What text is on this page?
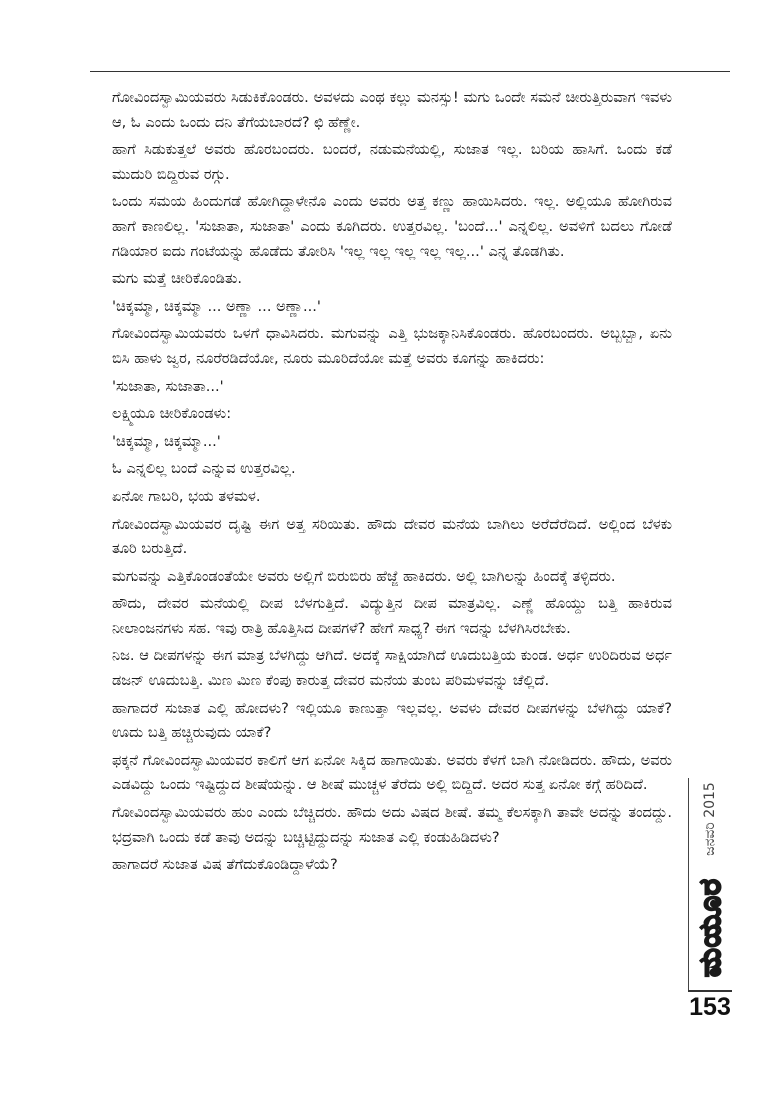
ಗೋವಿಂದಸ್ವಾಮಿಯವರು ಸಿಡುಕಿಕೊಂಡರು. ಅವಳದು ಎಂಥ ಕಲ್ಲು ಮನಸ್ಸು! ಮಗು ಒಂದೇ ಸಮನೆ ಚೀರುತ್ತಿರುವಾಗ ಇವಳು ಆ, ಓ ಎಂದು ಒಂದು ದನಿ ತೆಗೆಯಬಾರದೆ? ಛಿ ಹೆಣ್ಣೇ.

ಹಾಗೆ ಸಿಡುಕುತ್ತಲೆ ಅವರು ಹೊರಬಂದರು. ಬಂದರೆ, ನಡುಮನೆಯಲ್ಲಿ, ಸುಜಾತ ಇಲ್ಲ. ಬರಿಯ ಹಾಸಿಗೆ. ಒಂದು ಕಡೆ ಮುದುರಿ ಬಿದ್ದಿರುವ ರಗ್ಗು.

ಒಂದು ಸಮಯ ಹಿಂದುಗಡೆ ಹೋಗಿದ್ದಾಳೇನೊ ಎಂದು ಅವರು ಅತ್ತ ಕಣ್ಣು ಹಾಯಿಸಿದರು. ಇಲ್ಲ. ಅಲ್ಲಿಯೂ ಹೋಗಿರುವ ಹಾಗೆ ಕಾಣಲಿಲ್ಲ. 'ಸುಜಾತಾ, ಸುಜಾತಾ' ಎಂದು ಕೂಗಿದರು. ಉತ್ತರವಿಲ್ಲ. 'ಬಂದೆ...' ಎನ್ನಲಿಲ್ಲ. ಅವಳಿಗೆ ಬದಲು ಗೋಡೆ ಗಡಿಯಾರ ಐದು ಗಂಟೆಯನ್ನು ಹೊಡೆದು ತೋರಿಸಿ 'ಇಲ್ಲ ಇಲ್ಲ ಇಲ್ಲ ಇಲ್ಲ ಇಲ್ಲ...' ಎನ್ನ ತೊಡಗಿತು.

ಮಗು ಮತ್ತೆ ಚೀರಿಕೊಂಡಿತು.

'ಚಿಕ್ಕಮ್ಮಾ, ಚಿಕ್ಕಮ್ಮಾ ... ಅಣ್ಣಾ ... ಅಣ್ಣಾ...'

ಗೋವಿಂದಸ್ವಾಮಿಯವರು ಒಳಗೆ ಧಾವಿಸಿದರು. ಮಗುವನ್ನು ಎತ್ತಿ ಭುಜಕ್ಕಾನಿಸಿಕೊಂಡರು. ಹೊರಬಂದರು. ಅಬ್ಬಬ್ಬಾ, ಏನು ಬಿಸಿ ಹಾಳು ಜ್ವರ, ನೂರೆರಡಿದೆಯೋ, ನೂರು ಮೂರಿದೆಯೋ ಮತ್ತೆ ಅವರು ಕೂಗನ್ನು ಹಾಕಿದರು:

'ಸುಜಾತಾ, ಸುಜಾತಾ...'

ಲಕ್ಷ್ಮಿಯೂ ಚೀರಿಕೊಂಡಳು:

'ಚಿಕ್ಕಮ್ಮಾ, ಚಿಕ್ಕಮ್ಮಾ...'

ಓ ಎನ್ನಲಿಲ್ಲ ಬಂದೆ ಎನ್ನುವ ಉತ್ತರವಿಲ್ಲ.

ಏನೋ ಗಾಬರಿ, ಭಯ ತಳಮಳ.

ಗೋವಿಂದಸ್ವಾಮಿಯವರ ದೃಷ್ಟಿ ಈಗ ಅತ್ತ ಸರಿಯಿತು. ಹೌದು ದೇವರ ಮನೆಯ ಬಾಗಿಲು ಅರೆದೆರೆದಿದೆ. ಅಲ್ಲಿಂದ ಬೆಳಕು ತೂರಿ ಬರುತ್ತಿದೆ.

ಮಗುವನ್ನು ಎತ್ತಿಕೊಂಡಂತೆಯೇ ಅವರು ಅಲ್ಲಿಗೆ ಬಿರುಬಿರು ಹೆಜ್ಜೆ ಹಾಕಿದರು. ಅಲ್ಲಿ ಬಾಗಿಲನ್ನು ಹಿಂದಕ್ಕೆ ತಳ್ಳಿದರು.

ಹೌದು, ದೇವರ ಮನೆಯಲ್ಲಿ ದೀಪ ಬೆಳಗುತ್ತಿದೆ. ವಿದ್ಯುತ್ತಿನ ದೀಪ ಮಾತ್ರವಿಲ್ಲ. ಎಣ್ಣೆ ಹೊಯ್ದು ಬತ್ತಿ ಹಾಕಿರುವ ನೀಲಾಂಜನಗಳು ಸಹ. ಇವು ರಾತ್ರಿ ಹೊತ್ತಿಸಿದ ದೀಪಗಳೆ? ಹೇಗೆ ಸಾಧ್ಯ? ಈಗ ಇದನ್ನು ಬೆಳಗಿಸಿರಬೇಕು.

ನಿಜ. ಆ ದೀಪಗಳನ್ನು ಈಗ ಮಾತ್ರ ಬೆಳಗಿದ್ದು ಆಗಿದೆ. ಅದಕ್ಕೆ ಸಾಕ್ಷಿಯಾಗಿದೆ ಊದುಬತ್ತಿಯ ಕುಂಡ. ಅರ್ಧ ಉರಿದಿರುವ ಅರ್ಧ ಡಜನ್ ಊದುಬತ್ತಿ. ಮಿಣ ಮಿಣ ಕೆಂಪು ಕಾರುತ್ತ ದೇವರ ಮನೆಯ ತುಂಬ ಪರಿಮಳವನ್ನು ಚೆಲ್ಲಿದೆ.

ಹಾಗಾದರೆ ಸುಜಾತ ಎಲ್ಲಿ ಹೋದಳು? ಇಲ್ಲಿಯೂ ಕಾಣುತ್ತಾ ಇಲ್ಲವಲ್ಲ. ಅವಳು ದೇವರ ದೀಪಗಳನ್ನು ಬೆಳಗಿದ್ದು ಯಾಕೆ? ಊದು ಬತ್ತಿ ಹಚ್ಚಿರುವುದು ಯಾಕೆ?

ಫಕ್ಕನೆ ಗೋವಿಂದಸ್ವಾಮಿಯವರ ಕಾಲಿಗೆ ಆಗ ಏನೋ ಸಿಕ್ಕಿದ ಹಾಗಾಯಿತು. ಅವರು ಕೆಳಗೆ ಬಾಗಿ ನೋಡಿದರು. ಹೌದು, ಅವರು ಎಡವಿದ್ದು ಒಂದು ಇಷ್ಟಿದ್ದುದ ಶೀಷೆಯನ್ನು. ಆ ಶೀಷೆ ಮುಚ್ಚಳ ತೆರೆದು ಅಲ್ಲಿ ಬಿದ್ದಿದೆ. ಅದರ ಸುತ್ತ ಏನೋ ಕಗ್ಗೆ ಹರಿದಿದೆ.

ಗೋವಿಂದಸ್ವಾಮಿಯವರು ಹುಂ ಎಂದು ಬೆಚ್ಚಿದರು. ಹೌದು ಅದು ವಿಷದ ಶೀಷೆ. ತಮ್ಮ ಕೆಲಸಕ್ಕಾಗಿ ತಾವೇ ಅದನ್ನು ತಂದದ್ದು. ಭದ್ರವಾಗಿ ಒಂದು ಕಡೆ ತಾವು ಅದನ್ನು ಬಚ್ಚಿಟ್ಟಿದ್ದುದನ್ನು ಸುಜಾತ ಎಲ್ಲಿ ಕಂಡುಹಿಡಿದಳು?

ಹಾಗಾದರೆ ಸುಜಾತ ವಿಷ ತೆಗೆದುಕೊಂಡಿದ್ದಾಳೆಯೆ?

ಜನವರಿ 2015
ಮಯೂರ
153
